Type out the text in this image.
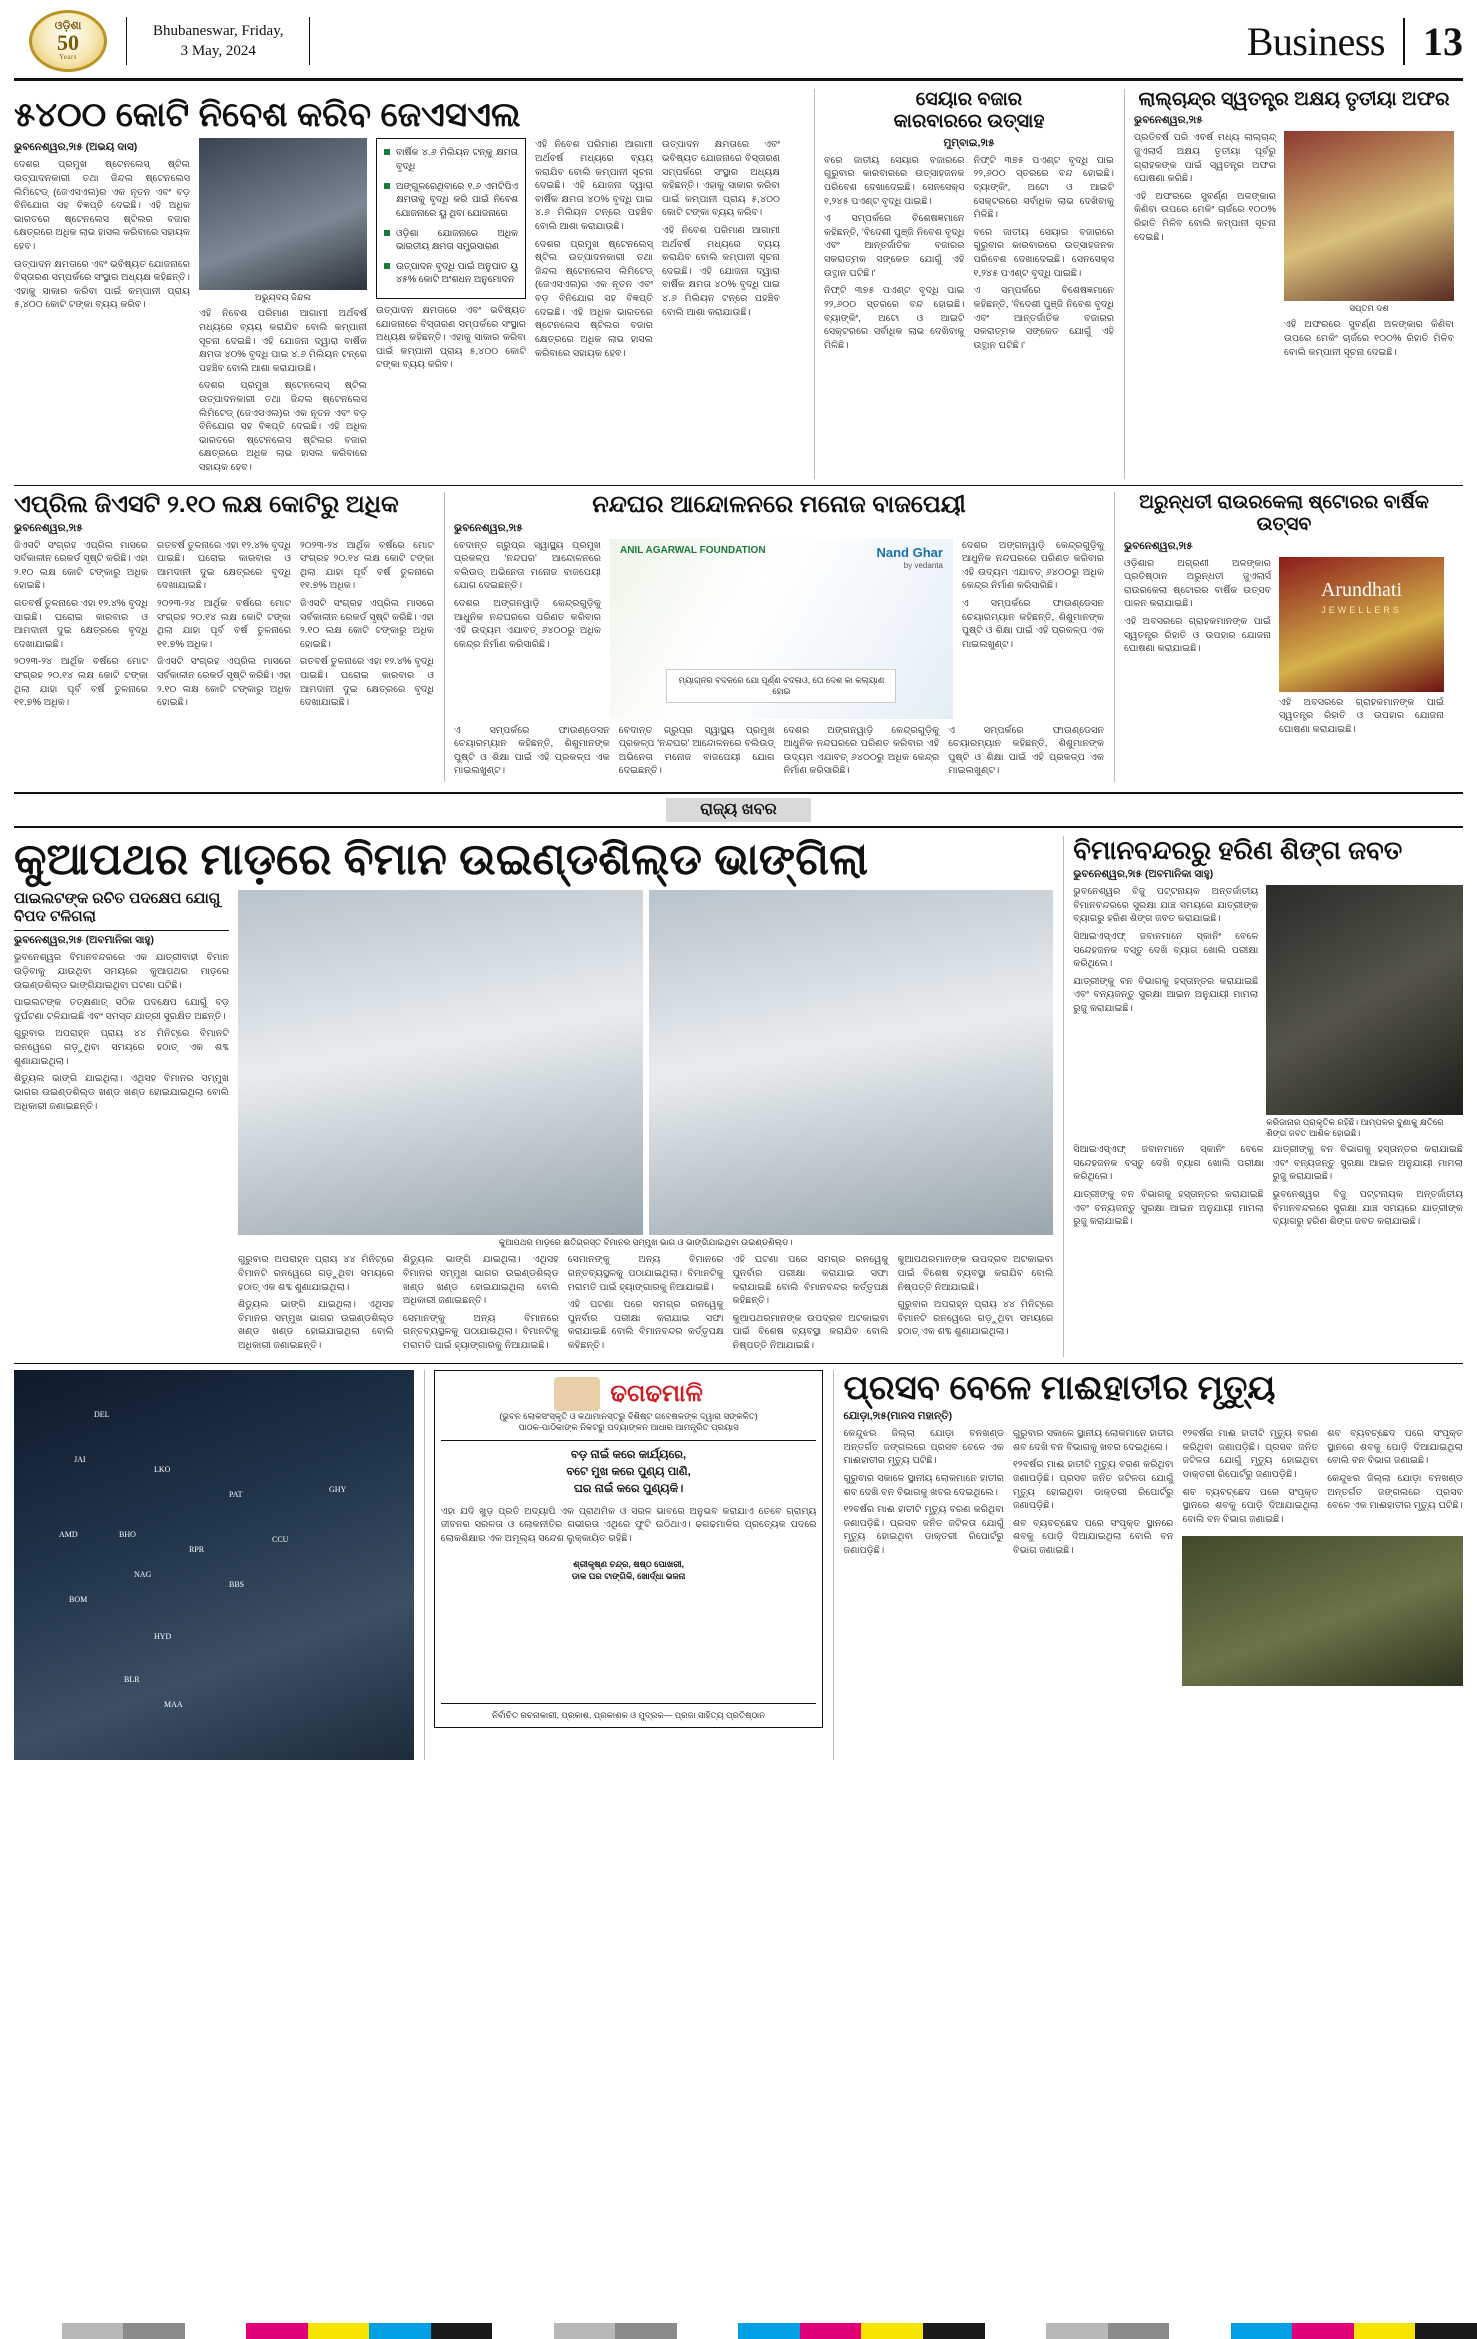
ଓଡ଼ିଶା
50
Years
Bhubaneswar, Friday,
3 May, 2024	Business 13
୫୪୦୦ କୋଟି ନିବେଶ କରିବ ଜେଏସଏଲ
ଭୁବନେଶ୍ୱର,୨ା୫ (ଅଭୟ ଦାସ)

ଦେଶର ପ୍ରମୁଖ ଷ୍ଟେନଲେସ୍‌ ଷ୍ଟିଲ ଉତ୍ପାଦନକାରୀ ତଥା ଜିନ୍ଦଲ ଷ୍ଟେନଲେସ ଲିମିଟେଡ୍‌ (ଜେଏସଏଲ)ର ଏକ ନୂତନ ଏବଂ ବଡ଼ ବିନିଯୋଗ ସହ ବିଜ୍ଞପ୍ତି ଦେଇଛି। ଏହି ଅଧିକ ଭାରତରେ ଷ୍ଟେନଲେସ ଷ୍ଟିଲର ବଜାର କ୍ଷେତ୍ରରେ ଅଧିକ ଲାଭ ହାସଲ କରିବାରେ ସହାୟକ ହେବ।

ଉତ୍ପାଦନ କ୍ଷମତାରେ ଏବଂ ଭବିଷ୍ୟତ ଯୋଜନାରେ ବିସ୍ତାରଣ ସମ୍ପର୍କରେ ସଂସ୍ଥାର ଅଧ୍ୟକ୍ଷ କହିଛନ୍ତି। ଏହାକୁ ସାକାର କରିବା ପାଇଁ କମ୍ପାନୀ ପ୍ରାୟ ୫,୪୦୦ କୋଟି ଟଙ୍କା ବ୍ୟୟ କରିବ।

ଅଭ୍ୟୁଦୟ ଜିନ୍ଦଲ

ଏହି ନିବେଶ ପରିମାଣ ଆଗାମୀ ଅର୍ଥବର୍ଷ ମଧ୍ୟରେ ବ୍ୟୟ କରାଯିବ ବୋଲି କମ୍ପାନୀ ସୂଚନା ଦେଇଛି। ଏହି ଯୋଜନା ଦ୍ୱାରା ବାର୍ଷିକ କ୍ଷମତା ୪୦% ବୃଦ୍ଧି ପାଇ ୪.୬ ମିଲିୟନ ଟନ୍‌ରେ ପହଞ୍ଚିବ ବୋଲି ଆଶା କରାଯାଉଛି।

ଦେଶର ପ୍ରମୁଖ ଷ୍ଟେନଲେସ୍‌ ଷ୍ଟିଲ ଉତ୍ପାଦନକାରୀ ତଥା ଜିନ୍ଦଲ ଷ୍ଟେନଲେସ ଲିମିଟେଡ୍‌ (ଜେଏସଏଲ)ର ଏକ ନୂତନ ଏବଂ ବଡ଼ ବିନିଯୋଗ ସହ ବିଜ୍ଞପ୍ତି ଦେଇଛି। ଏହି ଅଧିକ ଭାରତରେ ଷ୍ଟେନଲେସ ଷ୍ଟିଲର ବଜାର କ୍ଷେତ୍ରରେ ଅଧିକ ଲାଭ ହାସଲ କରିବାରେ ସହାୟକ ହେବ।

ବାର୍ଷିକ ୪.୬ ମିଲିୟନ ଟନ୍‌କୁ କ୍ଷମତା ବୃଦ୍ଧି
ଅଙ୍ଗୁଳରେଥିବାରେ ୧.୬ ଏମଟିପିଏ କ୍ଷମତାକୁ ବୃଦ୍ଧି କରି ପାଇଁ ନିବେଶ ଯୋଜନାରେ ୟୁ ଥିବା ଯୋଜନାରେ
ଓଡ଼ିଶା ଯୋଜନାରେ ଅଧିକ ଭାରତୀୟ କ୍ଷମତା ସମ୍ପ୍ରସାରଣ
ଉତ୍ପାଦନ ବୃଦ୍ଧି ପାଇଁ ଅନୁପାତ ୟୁ ୪୫% କୋଟି ଅଂଶଧନ ଅନୁମୋଦନ

ଉତ୍ପାଦନ କ୍ଷମତାରେ ଏବଂ ଭବିଷ୍ୟତ ଯୋଜନାରେ ବିସ୍ତାରଣ ସମ୍ପର୍କରେ ସଂସ୍ଥାର ଅଧ୍ୟକ୍ଷ କହିଛନ୍ତି। ଏହାକୁ ସାକାର କରିବା ପାଇଁ କମ୍ପାନୀ ପ୍ରାୟ ୫,୪୦୦ କୋଟି ଟଙ୍କା ବ୍ୟୟ କରିବ।

ଏହି ନିବେଶ ପରିମାଣ ଆଗାମୀ ଅର୍ଥବର୍ଷ ମଧ୍ୟରେ ବ୍ୟୟ କରାଯିବ ବୋଲି କମ୍ପାନୀ ସୂଚନା ଦେଇଛି। ଏହି ଯୋଜନା ଦ୍ୱାରା ବାର୍ଷିକ କ୍ଷମତା ୪୦% ବୃଦ୍ଧି ପାଇ ୪.୬ ମିଲିୟନ ଟନ୍‌ରେ ପହଞ୍ଚିବ ବୋଲି ଆଶା କରାଯାଉଛି।

ଦେଶର ପ୍ରମୁଖ ଷ୍ଟେନଲେସ୍‌ ଷ୍ଟିଲ ଉତ୍ପାଦନକାରୀ ତଥା ଜିନ୍ଦଲ ଷ୍ଟେନଲେସ ଲିମିଟେଡ୍‌ (ଜେଏସଏଲ)ର ଏକ ନୂତନ ଏବଂ ବଡ଼ ବିନିଯୋଗ ସହ ବିଜ୍ଞପ୍ତି ଦେଇଛି। ଏହି ଅଧିକ ଭାରତରେ ଷ୍ଟେନଲେସ ଷ୍ଟିଲର ବଜାର କ୍ଷେତ୍ରରେ ଅଧିକ ଲାଭ ହାସଲ କରିବାରେ ସହାୟକ ହେବ।

ଉତ୍ପାଦନ କ୍ଷମତାରେ ଏବଂ ଭବିଷ୍ୟତ ଯୋଜନାରେ ବିସ୍ତାରଣ ସମ୍ପର୍କରେ ସଂସ୍ଥାର ଅଧ୍ୟକ୍ଷ କହିଛନ୍ତି। ଏହାକୁ ସାକାର କରିବା ପାଇଁ କମ୍ପାନୀ ପ୍ରାୟ ୫,୪୦୦ କୋଟି ଟଙ୍କା ବ୍ୟୟ କରିବ।

ଏହି ନିବେଶ ପରିମାଣ ଆଗାମୀ ଅର୍ଥବର୍ଷ ମଧ୍ୟରେ ବ୍ୟୟ କରାଯିବ ବୋଲି କମ୍ପାନୀ ସୂଚନା ଦେଇଛି। ଏହି ଯୋଜନା ଦ୍ୱାରା ବାର୍ଷିକ କ୍ଷମତା ୪୦% ବୃଦ୍ଧି ପାଇ ୪.୬ ମିଲିୟନ ଟନ୍‌ରେ ପହଞ୍ଚିବ ବୋଲି ଆଶା କରାଯାଉଛି।

ସେୟାର ବଜାର
କାରବାରରେ ଉତ୍ସାହ
ମୁମ୍ବାଇ,୨ା୫

ବରେ ଜାତୀୟ ସେୟାର ବଜାରରେ ଗୁରୁବାର କାରବାରରେ ଉତ୍ସାହଜନକ ପରିବେଶ ଦେଖାଦେଇଛି। ସେନସେକ୍ସ ୧,୨୪୫ ପଏଣ୍ଟ ବୃଦ୍ଧି ପାଇଛି।

ଏ ସମ୍ପର୍କରେ ବିଶେଷଜ୍ଞମାନେ କହିଛନ୍ତି, 'ବିଦେଶୀ ପୁଞ୍ଜି ନିବେଶ ବୃଦ୍ଧି ଏବଂ ଆନ୍ତର୍ଜାତିକ ବଜାରର ସକରାତ୍ମକ ସଙ୍କେତ ଯୋଗୁଁ ଏହି ଉତ୍ଥାନ ଘଟିଛି।'

ନିଫ୍ଟି ୩୭୫ ପଏଣ୍ଟ ବୃଦ୍ଧି ପାଇ ୨୨,୬୦୦ ସ୍ତରରେ ବନ୍ଦ ହୋଇଛି। ବ୍ୟାଙ୍କିଂ, ଅଟୋ ଓ ଆଇଟି ସେକ୍ଟରରେ ସର୍ବାଧିକ ଲାଭ ଦେଖିବାକୁ ମିଳିଛି।

ନିଫ୍ଟି ୩୭୫ ପଏଣ୍ଟ ବୃଦ୍ଧି ପାଇ ୨୨,୬୦୦ ସ୍ତରରେ ବନ୍ଦ ହୋଇଛି। ବ୍ୟାଙ୍କିଂ, ଅଟୋ ଓ ଆଇଟି ସେକ୍ଟରରେ ସର୍ବାଧିକ ଲାଭ ଦେଖିବାକୁ ମିଳିଛି।

ବରେ ଜାତୀୟ ସେୟାର ବଜାରରେ ଗୁରୁବାର କାରବାରରେ ଉତ୍ସାହଜନକ ପରିବେଶ ଦେଖାଦେଇଛି। ସେନସେକ୍ସ ୧,୨୪୫ ପଏଣ୍ଟ ବୃଦ୍ଧି ପାଇଛି।

ଏ ସମ୍ପର୍କରେ ବିଶେଷଜ୍ଞମାନେ କହିଛନ୍ତି, 'ବିଦେଶୀ ପୁଞ୍ଜି ନିବେଶ ବୃଦ୍ଧି ଏବଂ ଆନ୍ତର୍ଜାତିକ ବଜାରର ସକରାତ୍ମକ ସଙ୍କେତ ଯୋଗୁଁ ଏହି ଉତ୍ଥାନ ଘଟିଛି।'

ଲାଲ୍‌ଚାନ୍ଦ୍‌ର ସ୍ୱତନ୍ତ୍ର ଅକ୍ଷୟ ତୃତୀୟା ଅଫର
ଭୁବନେଶ୍ୱର,୨ା୫

ପ୍ରତିବର୍ଷ ପରି ଏବର୍ଷ ମଧ୍ୟ ଲାଲ୍‌ଚାନ୍ଦ୍‌ ଜୁଏଲାର୍ସ ଅକ୍ଷୟ ତୃତୀୟା ପୂର୍ବରୁ ଗ୍ରାହକଙ୍କ ପାଇଁ ସ୍ୱତନ୍ତ୍ର ଅଫର ଘୋଷଣା କରିଛି।

ଏହି ଅଫରରେ ସୁବର୍ଣ୍ଣ ଅଳଙ୍କାର କିଣିବା ଉପରେ ମେକିଂ ଚାର୍ଜରେ ୧୦୦% ରିହାତି ମିଳିବ ବୋଲି କମ୍ପାନୀ ସୂଚନା ଦେଇଛି।

ସପ୍ତମ ଦଶ

ଏହି ଅଫରରେ ସୁବର୍ଣ୍ଣ ଅଳଙ୍କାର କିଣିବା ଉପରେ ମେକିଂ ଚାର୍ଜରେ ୧୦୦% ରିହାତି ମିଳିବ ବୋଲି କମ୍ପାନୀ ସୂଚନା ଦେଇଛି।

ଏପ୍ରିଲ ଜିଏସଟି ୨.୧୦ ଲକ୍ଷ କୋଟିରୁ ଅଧିକ
ଭୁବନେଶ୍ୱର,୨ା୫

ଜିଏସଟି ସଂଗ୍ରହ ଏପ୍ରିଲ ମାସରେ ସର୍ବକାଳୀନ ରେକର୍ଡ ସୃଷ୍ଟି କରିଛି। ଏହା ୨.୧୦ ଲକ୍ଷ କୋଟି ଟଙ୍କାରୁ ଅଧିକ ହୋଇଛି।

ଗତବର୍ଷ ତୁଳନାରେ ଏହା ୧୨.୪% ବୃଦ୍ଧି ପାଇଛି। ଘରୋଇ କାରବାର ଓ ଆମଦାନୀ ଦୁଇ କ୍ଷେତ୍ରରେ ବୃଦ୍ଧି ଦେଖାଯାଇଛି।

୨୦୨୩-୨୪ ଆର୍ଥିକ ବର୍ଷରେ ମୋଟ ସଂଗ୍ରହ ୨୦.୧୪ ଲକ୍ଷ କୋଟି ଟଙ୍କା ଥିଲା ଯାହା ପୂର୍ବ ବର୍ଷ ତୁଳନାରେ ୧୧.୭% ଅଧିକ।

ଗତବର୍ଷ ତୁଳନାରେ ଏହା ୧୨.୪% ବୃଦ୍ଧି ପାଇଛି। ଘରୋଇ କାରବାର ଓ ଆମଦାନୀ ଦୁଇ କ୍ଷେତ୍ରରେ ବୃଦ୍ଧି ଦେଖାଯାଇଛି।

୨୦୨୩-୨୪ ଆର୍ଥିକ ବର୍ଷରେ ମୋଟ ସଂଗ୍ରହ ୨୦.୧୪ ଲକ୍ଷ କୋଟି ଟଙ୍କା ଥିଲା ଯାହା ପୂର୍ବ ବର୍ଷ ତୁଳନାରେ ୧୧.୭% ଅଧିକ।

ଜିଏସଟି ସଂଗ୍ରହ ଏପ୍ରିଲ ମାସରେ ସର୍ବକାଳୀନ ରେକର୍ଡ ସୃଷ୍ଟି କରିଛି। ଏହା ୨.୧୦ ଲକ୍ଷ କୋଟି ଟଙ୍କାରୁ ଅଧିକ ହୋଇଛି।

୨୦୨୩-୨୪ ଆର୍ଥିକ ବର୍ଷରେ ମୋଟ ସଂଗ୍ରହ ୨୦.୧୪ ଲକ୍ଷ କୋଟି ଟଙ୍କା ଥିଲା ଯାହା ପୂର୍ବ ବର୍ଷ ତୁଳନାରେ ୧୧.୭% ଅଧିକ।

ଜିଏସଟି ସଂଗ୍ରହ ଏପ୍ରିଲ ମାସରେ ସର୍ବକାଳୀନ ରେକର୍ଡ ସୃଷ୍ଟି କରିଛି। ଏହା ୨.୧୦ ଲକ୍ଷ କୋଟି ଟଙ୍କାରୁ ଅଧିକ ହୋଇଛି।

ଗତବର୍ଷ ତୁଳନାରେ ଏହା ୧୨.୪% ବୃଦ୍ଧି ପାଇଛି। ଘରୋଇ କାରବାର ଓ ଆମଦାନୀ ଦୁଇ କ୍ଷେତ୍ରରେ ବୃଦ୍ଧି ଦେଖାଯାଇଛି।

ନନ୍ଦଘର ଆନ୍ଦୋଳନରେ ମନୋଜ ବାଜପେୟୀ
ଭୁବନେଶ୍ୱର,୨ା୫

ବେଦାନ୍ତ ଗ୍ରୁପ୍‌ର ସ୍ୱାସ୍ଥ୍ୟ ପ୍ରମୁଖ ପ୍ରକଳ୍ପ 'ନନ୍ଦଘର' ଆନ୍ଦୋଳନରେ ବଲିଉଡ୍‌ ଅଭିନେତା ମନୋଜ ବାଜପେୟୀ ଯୋଗ ଦେଇଛନ୍ତି।

ଦେଶର ଅଙ୍ଗନୱାଡ଼ି କେନ୍ଦ୍ରଗୁଡ଼ିକୁ ଆଧୁନିକ ନନ୍ଦଘରରେ ପରିଣତ କରିବାର ଏହି ଉଦ୍ୟମ ଏଯାବତ୍‌ ୬୪୦୦ରୁ ଅଧିକ କେନ୍ଦ୍ର ନିର୍ମାଣ କରିସାରିଛି।

ANIL AGARWAL FOUNDATION	Nand Ghar
by vedanta
ମ୍ୟାଗ୍ନର ବଦଳରେ ଯୋ ପୂର୍ଣ୍ଣ ବଦଳାଓ, ତୋ ଦେଶ କା କଲ୍ୟାଣ ହୋଇ

ଦେଶର ଅଙ୍ଗନୱାଡ଼ି କେନ୍ଦ୍ରଗୁଡ଼ିକୁ ଆଧୁନିକ ନନ୍ଦଘରରେ ପରିଣତ କରିବାର ଏହି ଉଦ୍ୟମ ଏଯାବତ୍‌ ୬୪୦୦ରୁ ଅଧିକ କେନ୍ଦ୍ର ନିର୍ମାଣ କରିସାରିଛି।

ଏ ସମ୍ପର୍କରେ ଫାଉଣ୍ଡେସନ ଚେୟାରମ୍ୟାନ କହିଛନ୍ତି, ଶିଶୁମାନଙ୍କ ପୁଷ୍ଟି ଓ ଶିକ୍ଷା ପାଇଁ ଏହି ପ୍ରକଳ୍ପ ଏକ ମାଇଲଖୁଣ୍ଟ।

ଏ ସମ୍ପର୍କରେ ଫାଉଣ୍ଡେସନ ଚେୟାରମ୍ୟାନ କହିଛନ୍ତି, ଶିଶୁମାନଙ୍କ ପୁଷ୍ଟି ଓ ଶିକ୍ଷା ପାଇଁ ଏହି ପ୍ରକଳ୍ପ ଏକ ମାଇଲଖୁଣ୍ଟ।

ବେଦାନ୍ତ ଗ୍ରୁପ୍‌ର ସ୍ୱାସ୍ଥ୍ୟ ପ୍ରମୁଖ ପ୍ରକଳ୍ପ 'ନନ୍ଦଘର' ଆନ୍ଦୋଳନରେ ବଲିଉଡ୍‌ ଅଭିନେତା ମନୋଜ ବାଜପେୟୀ ଯୋଗ ଦେଇଛନ୍ତି।

ଦେଶର ଅଙ୍ଗନୱାଡ଼ି କେନ୍ଦ୍ରଗୁଡ଼ିକୁ ଆଧୁନିକ ନନ୍ଦଘରରେ ପରିଣତ କରିବାର ଏହି ଉଦ୍ୟମ ଏଯାବତ୍‌ ୬୪୦୦ରୁ ଅଧିକ କେନ୍ଦ୍ର ନିର୍ମାଣ କରିସାରିଛି।

ଏ ସମ୍ପର୍କରେ ଫାଉଣ୍ଡେସନ ଚେୟାରମ୍ୟାନ କହିଛନ୍ତି, ଶିଶୁମାନଙ୍କ ପୁଷ୍ଟି ଓ ଶିକ୍ଷା ପାଇଁ ଏହି ପ୍ରକଳ୍ପ ଏକ ମାଇଲଖୁଣ୍ଟ।

ଅରୁନ୍ଧତୀ ରାଉରକେଲା ଷ୍ଟୋରର ବାର୍ଷିକ ଉତ୍ସବ
ଭୁବନେଶ୍ୱର,୨ା୫

ଓଡ଼ିଶାର ଅଗ୍ରଣୀ ଅଳଙ୍କାର ପ୍ରତିଷ୍ଠାନ ଅରୁନ୍ଧତୀ ଜୁଏଲାର୍ସ ରାଉରକେଲା ଷ୍ଟୋରର ବାର୍ଷିକ ଉତ୍ସବ ପାଳନ କରାଯାଇଛି।

ଏହି ଅବସରରେ ଗ୍ରାହକମାନଙ୍କ ପାଇଁ ସ୍ୱତନ୍ତ୍ର ରିହାତି ଓ ଉପହାର ଯୋଜନା ଘୋଷଣା କରାଯାଇଛି।

Arundhati
JEWELLERS

ଏହି ଅବସରରେ ଗ୍ରାହକମାନଙ୍କ ପାଇଁ ସ୍ୱତନ୍ତ୍ର ରିହାତି ଓ ଉପହାର ଯୋଜନା ଘୋଷଣା କରାଯାଇଛି।

ରାଜ୍ୟ ଖବର
କୁଆପଥର ମାଡ଼ରେ ବିମାନ ଉଇଣ୍ଡଶିଲ୍ଡ ଭାଙ୍ଗିଲା
ପାଇଲଟଙ୍କ ରଚିତ ପଦକ୍ଷେପ ଯୋଗୁ ବିପଦ ଟଳିଗଲା
ଭୁବନେଶ୍ୱର,୨ା୫ (ଅବମାନିକା ସାହୁ)

ଭୁବନେଶ୍ୱର ବିମାନବନ୍ଦରରେ ଏକ ଯାତ୍ରୀବାହୀ ବିମାନ ଉଡ଼ିବାକୁ ଯାଉଥିବା ସମୟରେ କୁଆପଥର ମାଡ଼ରେ ଉଇଣ୍ଡଶିଲ୍ଡ ଭାଙ୍ଗିଯାଇଥିବା ଘଟଣା ଘଟିଛି।

ପାଇଲଟଙ୍କ ତତ୍‌କ୍ଷଣାତ୍‌ ସଠିକ ପଦକ୍ଷେପ ଯୋଗୁଁ ବଡ଼ ଦୁର୍ଘଟଣା ଟଳିଯାଇଛି ଏବଂ ସମସ୍ତ ଯାତ୍ରୀ ସୁରକ୍ଷିତ ଅଛନ୍ତି।

ଗୁରୁବାର ଅପରାହ୍ନ ପ୍ରାୟ ୪୪ ମିନିଟ୍‌ରେ ବିମାନଟି ରନୱେରେ ଗଡ଼ୁଥିବା ସମୟରେ ହଠାତ୍‌ ଏକ ଶବ୍ଦ ଶୁଣାଯାଇଥିଲା।

ଶିଡ୍ୟୁଲ ଭାଙ୍ଗି ଯାଇଥିଲା। ଏଥିସହ ବିମାନର ସମ୍ମୁଖ ଭାଗର ଉଇଣ୍ଡଶିଲ୍ଡ ଖଣ୍ଡ ଖଣ୍ଡ ହୋଇଯାଇଥିଲା ବୋଲି ଅଧିକାରୀ ଜଣାଇଛନ୍ତି।

କୁଆପଥର ମାଡ଼ରେ କ୍ଷତିଗ୍ରସ୍ତ ବିମାନର ସମ୍ମୁଖ ଭାଗ ଓ ଭାଙ୍ଗିଯାଇଥିବା ଉଇଣ୍ଡଶିଲ୍ଡ।

ଗୁରୁବାର ଅପରାହ୍ନ ପ୍ରାୟ ୪୪ ମିନିଟ୍‌ରେ ବିମାନଟି ରନୱେରେ ଗଡ଼ୁଥିବା ସମୟରେ ହଠାତ୍‌ ଏକ ଶବ୍ଦ ଶୁଣାଯାଇଥିଲା।

ଶିଡ୍ୟୁଲ ଭାଙ୍ଗି ଯାଇଥିଲା। ଏଥିସହ ବିମାନର ସମ୍ମୁଖ ଭାଗର ଉଇଣ୍ଡଶିଲ୍ଡ ଖଣ୍ଡ ଖଣ୍ଡ ହୋଇଯାଇଥିଲା ବୋଲି ଅଧିକାରୀ ଜଣାଇଛନ୍ତି।

ଶିଡ୍ୟୁଲ ଭାଙ୍ଗି ଯାଇଥିଲା। ଏଥିସହ ବିମାନର ସମ୍ମୁଖ ଭାଗର ଉଇଣ୍ଡଶିଲ୍ଡ ଖଣ୍ଡ ଖଣ୍ଡ ହୋଇଯାଇଥିଲା ବୋଲି ଅଧିକାରୀ ଜଣାଇଛନ୍ତି।

ସେମାନଙ୍କୁ ଅନ୍ୟ ବିମାନରେ ଗନ୍ତବ୍ୟସ୍ଥଳକୁ ପଠାଯାଇଥିଲା। ବିମାନଟିକୁ ମରାମତି ପାଇଁ ହ୍ୟାଙ୍ଗାରକୁ ନିଆଯାଇଛି।

ସେମାନଙ୍କୁ ଅନ୍ୟ ବିମାନରେ ଗନ୍ତବ୍ୟସ୍ଥଳକୁ ପଠାଯାଇଥିଲା। ବିମାନଟିକୁ ମରାମତି ପାଇଁ ହ୍ୟାଙ୍ଗାରକୁ ନିଆଯାଇଛି।

ଏହି ଘଟଣା ପରେ ସମଗ୍ର ରନୱେକୁ ପୁନର୍ବାର ପରୀକ୍ଷା କରାଯାଇ ସଫା କରାଯାଇଛି ବୋଲି ବିମାନବନ୍ଦର କର୍ତ୍ତୃପକ୍ଷ କହିଛନ୍ତି।

ଏହି ଘଟଣା ପରେ ସମଗ୍ର ରନୱେକୁ ପୁନର୍ବାର ପରୀକ୍ଷା କରାଯାଇ ସଫା କରାଯାଇଛି ବୋଲି ବିମାନବନ୍ଦର କର୍ତ୍ତୃପକ୍ଷ କହିଛନ୍ତି।

କୁଆପଥରମାନଙ୍କ ଉପଦ୍ରବ ଅଟକାଇବା ପାଇଁ ବିଶେଷ ବ୍ୟବସ୍ଥା କରାଯିବ ବୋଲି ନିଷ୍ପତ୍ତି ନିଆଯାଇଛି।

କୁଆପଥରମାନଙ୍କ ଉପଦ୍ରବ ଅଟକାଇବା ପାଇଁ ବିଶେଷ ବ୍ୟବସ୍ଥା କରାଯିବ ବୋଲି ନିଷ୍ପତ୍ତି ନିଆଯାଇଛି।

ଗୁରୁବାର ଅପରାହ୍ନ ପ୍ରାୟ ୪୪ ମିନିଟ୍‌ରେ ବିମାନଟି ରନୱେରେ ଗଡ଼ୁଥିବା ସମୟରେ ହଠାତ୍‌ ଏକ ଶବ୍ଦ ଶୁଣାଯାଇଥିଲା।

ବିମାନବନ୍ଦରରୁ ହରିଣ ଶିଙ୍ଗ ଜବତ
ଭୁବନେଶ୍ୱର,୨ା୫ (ଅବମାନିକା ସାହୁ)

ଭୁବନେଶ୍ୱର ବିଜୁ ପଟ୍ଟନାୟକ ଅନ୍ତର୍ଜାତୀୟ ବିମାନବନ୍ଦରରେ ସୁରକ୍ଷା ଯାଞ୍ଚ ସମୟରେ ଯାତ୍ରୀଙ୍କ ବ୍ୟାଗରୁ ହରିଣ ଶିଙ୍ଗ ଜବତ କରାଯାଇଛି।

ସିଆଇଏସ୍‌ଏଫ୍‌ ଜବାନମାନେ ସ୍କାନିଂ ବେଳେ ସନ୍ଦେହଜନକ ବସ୍ତୁ ଦେଖି ବ୍ୟାଗ ଖୋଲି ପରୀକ୍ଷା କରିଥିଲେ।

ଯାତ୍ରୀଙ୍କୁ ବନ ବିଭାଗକୁ ହସ୍ତାନ୍ତର କରାଯାଇଛି ଏବଂ ବନ୍ୟଜନ୍ତୁ ସୁରକ୍ଷା ଆଇନ ଅନୁଯାୟୀ ମାମଲା ରୁଜୁ କରାଯାଇଛି।

କରିଜାନାର ପ୍ରାକୃତିକ ରହିଛି। ଆମ୍ପଳର ବୁଣାକୁ କ୍ଷତିରେ ଶିଙ୍ଗ ଜବତ ଆଶିକ ହୋଇଛି।

ସିଆଇଏସ୍‌ଏଫ୍‌ ଜବାନମାନେ ସ୍କାନିଂ ବେଳେ ସନ୍ଦେହଜନକ ବସ୍ତୁ ଦେଖି ବ୍ୟାଗ ଖୋଲି ପରୀକ୍ଷା କରିଥିଲେ।

ଯାତ୍ରୀଙ୍କୁ ବନ ବିଭାଗକୁ ହସ୍ତାନ୍ତର କରାଯାଇଛି ଏବଂ ବନ୍ୟଜନ୍ତୁ ସୁରକ୍ଷା ଆଇନ ଅନୁଯାୟୀ ମାମଲା ରୁଜୁ କରାଯାଇଛି।

ଯାତ୍ରୀଙ୍କୁ ବନ ବିଭାଗକୁ ହସ୍ତାନ୍ତର କରାଯାଇଛି ଏବଂ ବନ୍ୟଜନ୍ତୁ ସୁରକ୍ଷା ଆଇନ ଅନୁଯାୟୀ ମାମଲା ରୁଜୁ କରାଯାଇଛି।

ଭୁବନେଶ୍ୱର ବିଜୁ ପଟ୍ଟନାୟକ ଅନ୍ତର୍ଜାତୀୟ ବିମାନବନ୍ଦରରେ ସୁରକ୍ଷା ଯାଞ୍ଚ ସମୟରେ ଯାତ୍ରୀଙ୍କ ବ୍ୟାଗରୁ ହରିଣ ଶିଙ୍ଗ ଜବତ କରାଯାଇଛି।

DEL
JAI
LKO
PAT
AMD
BOM
HYD
BLR
MAA
CCU
BBS
RPR
NAG
BHO
GHY
ଢଗଢମାଳି
(ଭୁବନ ଲୋକସଂସ୍କୃତି ଓ କଥାମାନସ୍ତରୁ ବିଶିଷ୍ଟ ଗବେଷକଙ୍କ ଦ୍ୱାରା ସଙ୍କଳିତ)
ପାଠକ-ପାଠିକାଙ୍କ ନିକଟରୁ ପଦ୍ୟାଙ୍କନ ଆଧାର ଆମନ୍ତ୍ରିତ ପ୍ରୟାସ
ବଡ଼ ନାଇଁ କରେ କାର୍ଯ୍ୟରେ,
ବଟେ ମୁଖ କରେ ପୁଣ୍ୟ ପାଣି,
ଘର ନାଇଁ କରେ ପୁଣ୍ୟକି।

ଏହା ଯଦି ଖୁଡ଼ ପ୍ରତି ଅଦ୍ୟାପି ଏକ ପ୍ରାଥମିକ ଓ ସରଳ ଭାବରେ ଅନୁଭବ କରାଯାଏ ତେବେ ଗ୍ରାମ୍ୟ ଜୀବନର ସରଳତା ଓ ଲୋକନୀତିର ଗଭୀରତା ଏଥିରେ ଫୁଟି ଉଠିଥାଏ। ଢଗଢମାଳିର ପ୍ରତ୍ୟେକ ପଦରେ ଲୋକଶିକ୍ଷାର ଏକ ଅମୂଲ୍ୟ ସନ୍ଦେଶ ଲୁକ୍କାୟିତ ରହିଛି।

ଶ୍ରୀକୃଷ୍ଣ ଚନ୍ଦ୍ର, ଷଷ୍ଠ ପୋଖରୀ,
ଡାକ ଘର ଟାଙ୍ଗିକି, ଖୋର୍ଦ୍ଧା ଭଜନା
ନିର୍ବାଚିତ ରଚନାକାରୀ, ପ୍ରକାଶ, ପ୍ରକାଶକ ଓ ମୁଦ୍ରକ— ପ୍ରଜା ସାହିତ୍ୟ ପ୍ରତିଷ୍ଠାନ
ପ୍ରସବ ବେଳେ ମାଈହାତୀର ମୃତ୍ୟୁ
ଯୋଡ଼ା,୨ା୫(ମାନସ ମହାନ୍ତି)

କେନ୍ଦୁଝର ଜିଲ୍ଲା ଯୋଡ଼ା ବନଖଣ୍ଡ ଅନ୍ତର୍ଗତ ଜଙ୍ଗଲରେ ପ୍ରସବ ବେଳେ ଏକ ମାଈହାତୀର ମୃତ୍ୟୁ ଘଟିଛି।

ଗୁରୁବାର ସକାଳେ ସ୍ଥାନୀୟ ଲୋକମାନେ ହାତୀର ଶବ ଦେଖି ବନ ବିଭାଗକୁ ଖବର ଦେଇଥିଲେ।

୧୨ବର୍ଷର ମାଈ ହାତୀଟି ମୃତ୍ୟୁ ବରଣ କରିଥିବା ଜଣାପଡ଼ିଛି। ପ୍ରସବ ଜନିତ ଜଟିଳତା ଯୋଗୁଁ ମୃତ୍ୟୁ ହୋଇଥିବା ଡାକ୍ତରୀ ରିପୋର୍ଟରୁ ଜଣାପଡ଼ିଛି।

ଗୁରୁବାର ସକାଳେ ସ୍ଥାନୀୟ ଲୋକମାନେ ହାତୀର ଶବ ଦେଖି ବନ ବିଭାଗକୁ ଖବର ଦେଇଥିଲେ।

୧୨ବର୍ଷର ମାଈ ହାତୀଟି ମୃତ୍ୟୁ ବରଣ କରିଥିବା ଜଣାପଡ଼ିଛି। ପ୍ରସବ ଜନିତ ଜଟିଳତା ଯୋଗୁଁ ମୃତ୍ୟୁ ହୋଇଥିବା ଡାକ୍ତରୀ ରିପୋର୍ଟରୁ ଜଣାପଡ଼ିଛି।

ଶବ ବ୍ୟବଚ୍ଛେଦ ପରେ ସଂପୃକ୍ତ ସ୍ଥାନରେ ଶବକୁ ପୋଡ଼ି ଦିଆଯାଇଥିଲା ବୋଲି ବନ ବିଭାଗ ଜଣାଇଛି।

୧୨ବର୍ଷର ମାଈ ହାତୀଟି ମୃତ୍ୟୁ ବରଣ କରିଥିବା ଜଣାପଡ଼ିଛି। ପ୍ରସବ ଜନିତ ଜଟିଳତା ଯୋଗୁଁ ମୃତ୍ୟୁ ହୋଇଥିବା ଡାକ୍ତରୀ ରିପୋର୍ଟରୁ ଜଣାପଡ଼ିଛି।

ଶବ ବ୍ୟବଚ୍ଛେଦ ପରେ ସଂପୃକ୍ତ ସ୍ଥାନରେ ଶବକୁ ପୋଡ଼ି ଦିଆଯାଇଥିଲା ବୋଲି ବନ ବିଭାଗ ଜଣାଇଛି।

ଶବ ବ୍ୟବଚ୍ଛେଦ ପରେ ସଂପୃକ୍ତ ସ୍ଥାନରେ ଶବକୁ ପୋଡ଼ି ଦିଆଯାଇଥିଲା ବୋଲି ବନ ବିଭାଗ ଜଣାଇଛି।

କେନ୍ଦୁଝର ଜିଲ୍ଲା ଯୋଡ଼ା ବନଖଣ୍ଡ ଅନ୍ତର୍ଗତ ଜଙ୍ଗଲରେ ପ୍ରସବ ବେଳେ ଏକ ମାଈହାତୀର ମୃତ୍ୟୁ ଘଟିଛି।
